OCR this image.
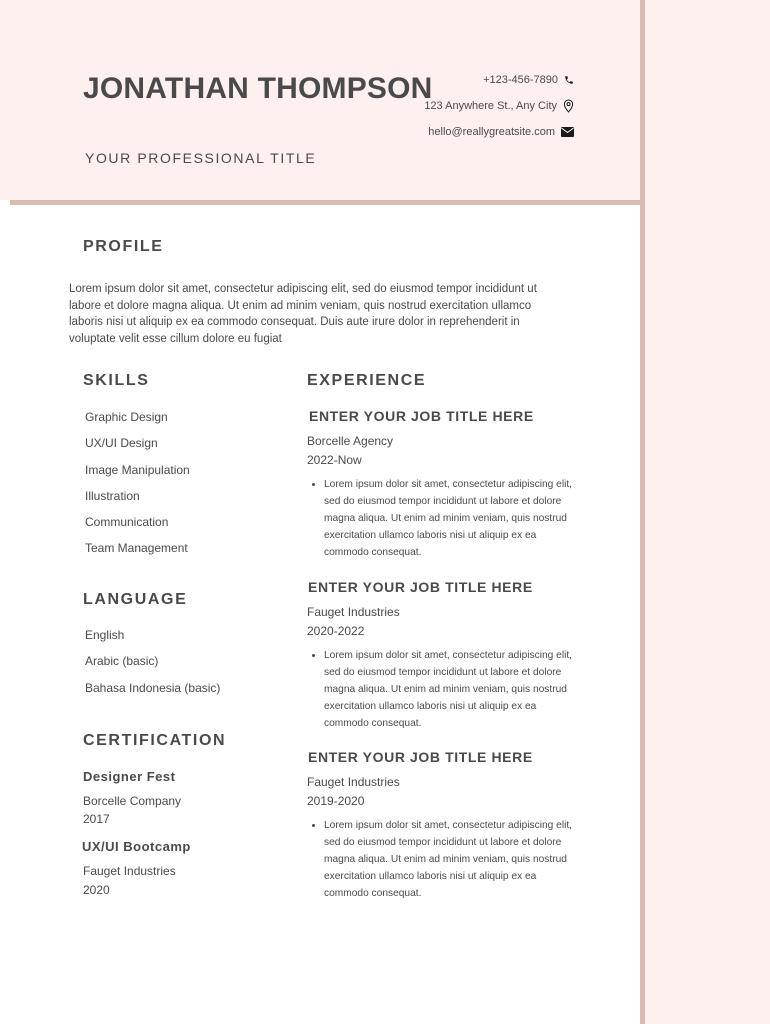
JONATHAN THOMPSON

YOUR PROFESSIONAL TITLE

+123-456-7890
123 Anywhere St., Any City
hello@reallygreatsite.com
PROFILE

Lorem ipsum dolor sit amet, consectetur adipiscing elit, sed do eiusmod tempor incididunt ut labore et dolore magna aliqua. Ut enim ad minim veniam, quis nostrud exercitation ullamco laboris nisi ut aliquip ex ea commodo consequat. Duis aute irure dolor in reprehenderit in voluptate velit esse cillum dolore eu fugiat

SKILLS
Graphic Design
UX/UI Design
Image Manipulation
Illustration
Communication
Team Management
LANGUAGE
English
Arabic (basic)
Bahasa Indonesia (basic)
CERTIFICATION

Designer Fest

Borcelle Company

2017

UX/UI Bootcamp

Fauget Industries

2020

EXPERIENCE

ENTER YOUR JOB TITLE HERE

Borcelle Agency

2022-Now

• Lorem ipsum dolor sit amet, consectetur adipiscing elit, sed do eiusmod tempor incididunt ut labore et dolore magna aliqua. Ut enim ad minim veniam, quis nostrud exercitation ullamco laboris nisi ut aliquip ex ea commodo consequat.

ENTER YOUR JOB TITLE HERE

Fauget Industries

2020-2022

• Lorem ipsum dolor sit amet, consectetur adipiscing elit, sed do eiusmod tempor incididunt ut labore et dolore magna aliqua. Ut enim ad minim veniam, quis nostrud exercitation ullamco laboris nisi ut aliquip ex ea commodo consequat.

ENTER YOUR JOB TITLE HERE

Fauget Industries

2019-2020

• Lorem ipsum dolor sit amet, consectetur adipiscing elit, sed do eiusmod tempor incididunt ut labore et dolore magna aliqua. Ut enim ad minim veniam, quis nostrud exercitation ullamco laboris nisi ut aliquip ex ea commodo consequat.
